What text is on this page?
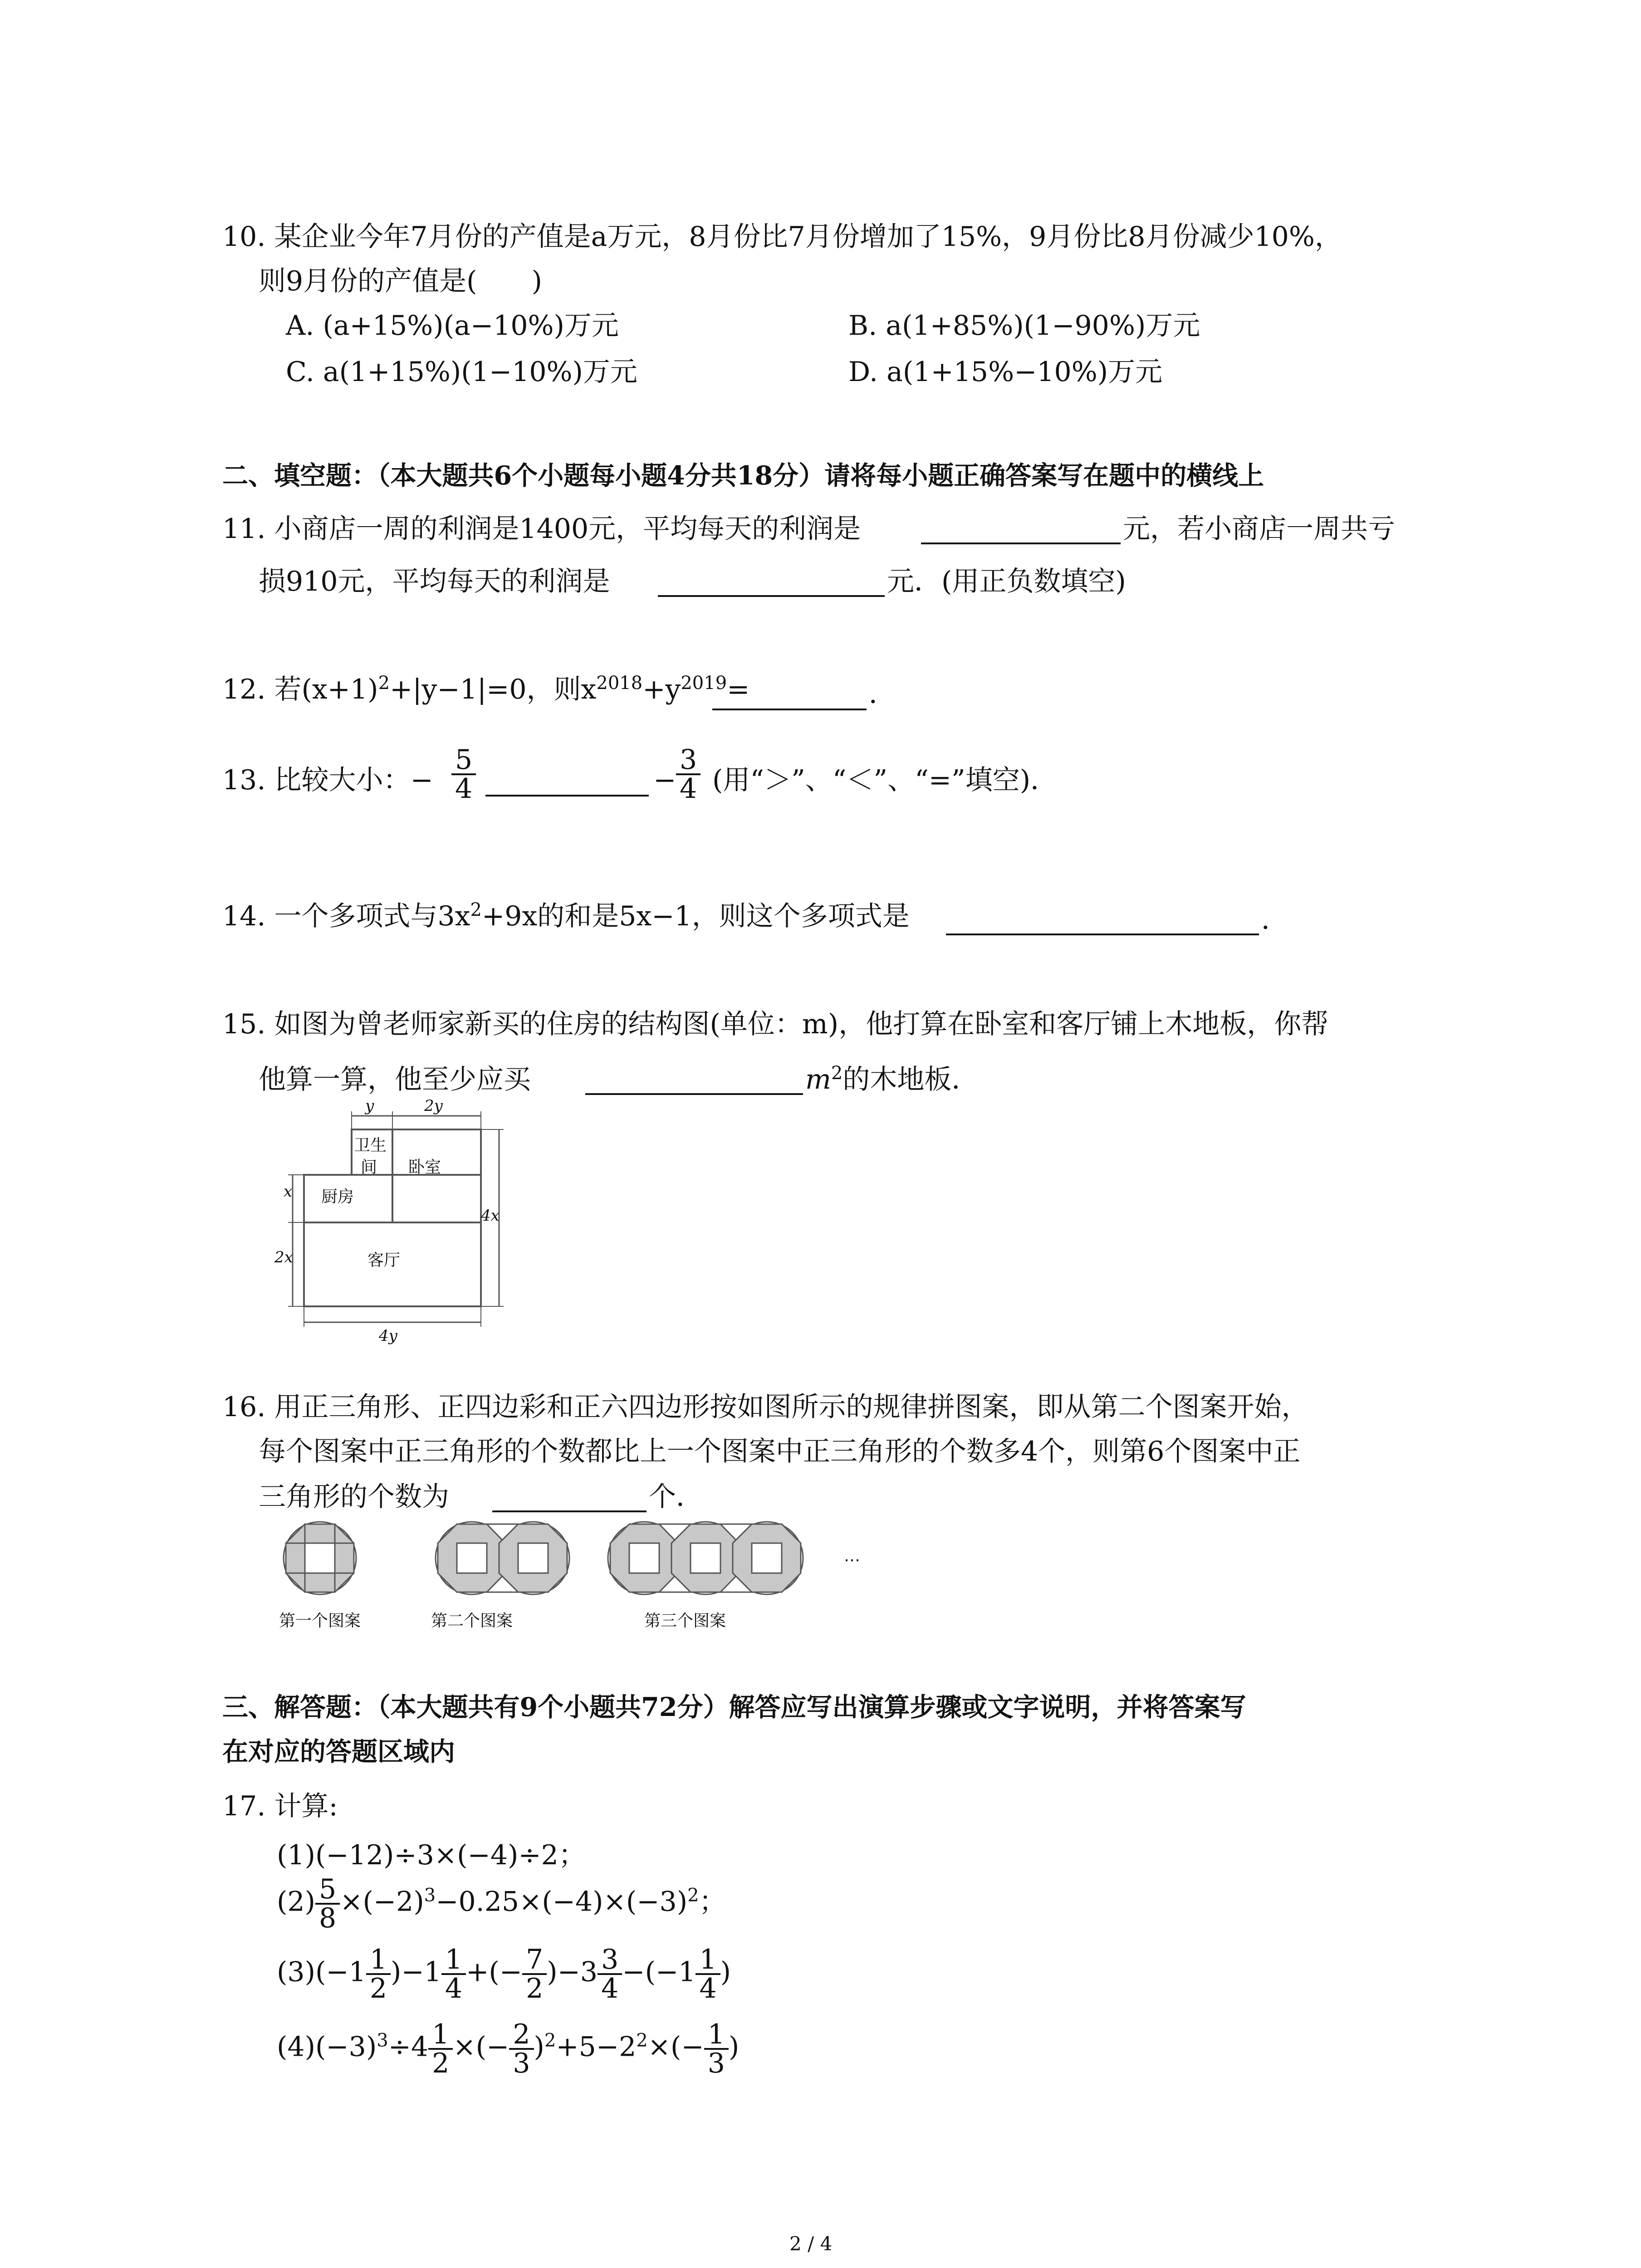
10. 某企业今年7月份的产值是a万元，8月份比7月份增加了15%，9月份比8月份减少10%，
则9月份的产值是(　　)
A. (a+15%)(a−10%)万元	B. a(1+85%)(1−90%)万元
C. a(1+15%)(1−10%)万元	D. a(1+15%−10%)万元
二、填空题：（本大题共6个小题每小题4分共18分）请将每小题正确答案写在题中的横线上
11. 小商店一周的利润是1400元，平均每天的利润是	元，若小商店一周共亏
损910元，平均每天的利润是	元．(用正负数填空)
12. 若$(x+1)^2+|y-1|=0$，则$x^{2018}+y^{2019}=$	．
13. 比较大小：− $\frac{5}{4}$	− $\frac{3}{4}$ (用“＞”、“＜”、“=”填空)．
14. 一个多项式与$3x^2+9x$的和是5x−1，则这个多项式是	．
15. 如图为曾老师家新买的住房的结构图(单位：m)，他打算在卧室和客厅铺上木地板，你帮
他算一算，他至少应买	$m^2$的木地板．
y	2y
卫生
间 卧室
厨房
客厅
x
2x
4x
4y
16. 用正三角形、正四边彩和正六四边形按如图所示的规律拼图案，即从第二个图案开始，
每个图案中正三角形的个数都比上一个图案中正三角形的个数多4个，则第6个图案中正
三角形的个数为	个．
…
第一个图案	第二个图案	第三个图案
三、解答题：（本大题共有9个小题共72分）解答应写出演算步骤或文字说明，并将答案写
在对应的答题区域内
17. 计算:
(1)(−12)÷3×(−4)÷2；
$(2) \frac{5}{8} \times(-2)^3-0.25\times(-4)\times(-3)^2$；
$(3)(-1 \frac{1}{2} )-1 \frac{1}{4}$ +(− $\frac{7}{2} )-3 \frac{3}{4} -(-1 \frac{1}{4}$ )
$(4)(-3)^3\div 4 \frac{1}{2}$ ×(− $\frac{2}{3} )^2+5-2^2\times(- \frac{1}{3}$ )
2 / 4
